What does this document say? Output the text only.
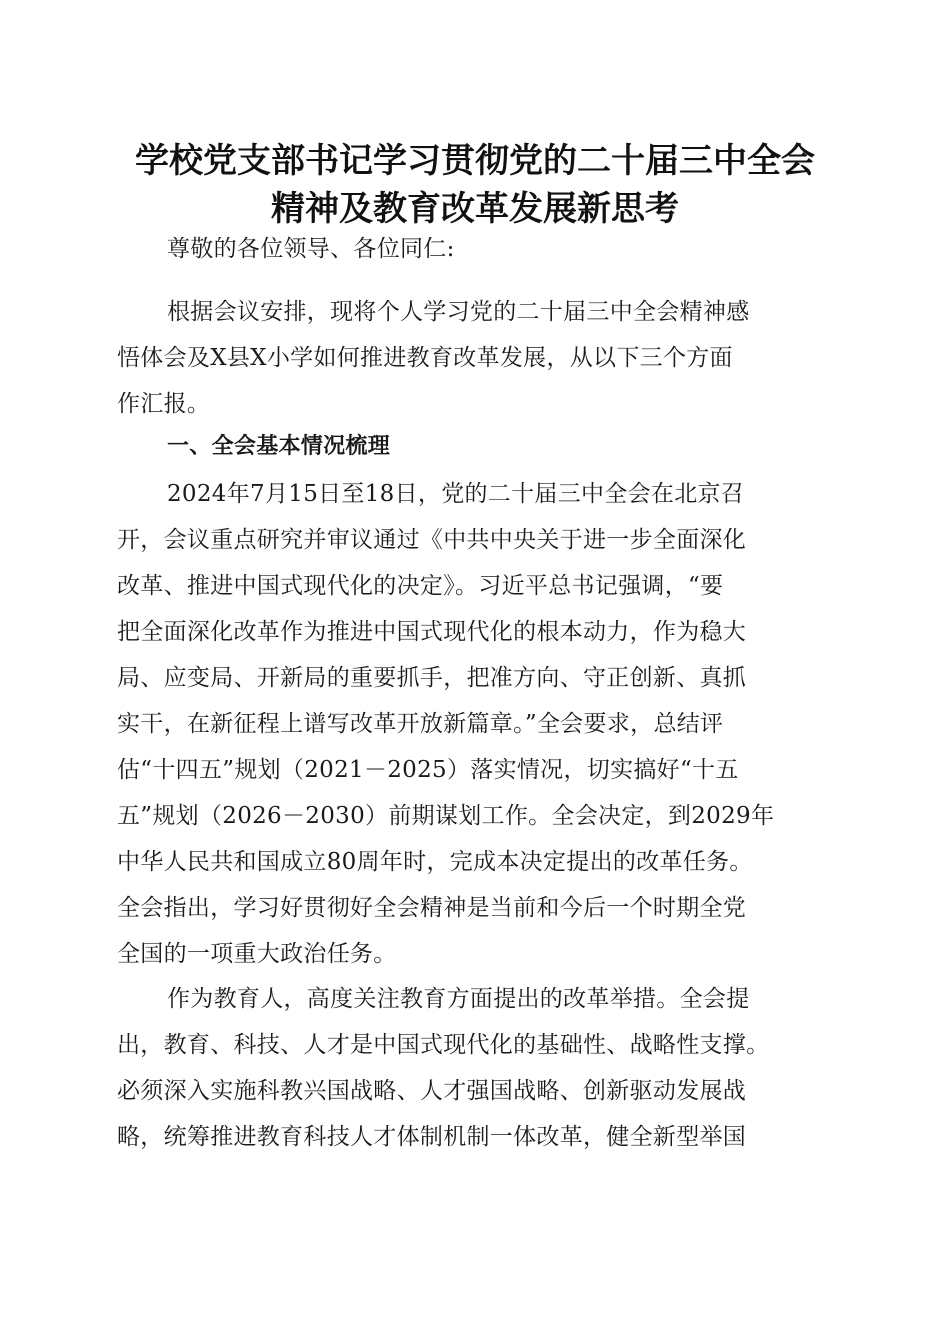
学校党支部书记学习贯彻党的二十届三中全会
精神及教育改革发展新思考
尊敬的各位领导、各位同仁:
根据会议安排，现将个人学习党的二十届三中全会精神感
悟体会及X县X小学如何推进教育改革发展，从以下三个方面
作汇报。
一、全会基本情况梳理
2024年7月15日至18日，党的二十届三中全会在北京召
开，会议重点研究并审议通过《中共中央关于进一步全面深化
改革、推进中国式现代化的决定》。习近平总书记强调，“要
把全面深化改革作为推进中国式现代化的根本动力，作为稳大
局、应变局、开新局的重要抓手，把准方向、守正创新、真抓
实干，在新征程上谱写改革开放新篇章。”全会要求，总结评
估“十四五”规划（2021－2025）落实情况，切实搞好“十五
五”规划（2026－2030）前期谋划工作。全会决定，到2029年
中华人民共和国成立80周年时，完成本决定提出的改革任务。
全会指出，学习好贯彻好全会精神是当前和今后一个时期全党
全国的一项重大政治任务。
作为教育人，高度关注教育方面提出的改革举措。全会提
出，教育、科技、人才是中国式现代化的基础性、战略性支撑。
必须深入实施科教兴国战略、人才强国战略、创新驱动发展战
略，统筹推进教育科技人才体制机制一体改革，健全新型举国
